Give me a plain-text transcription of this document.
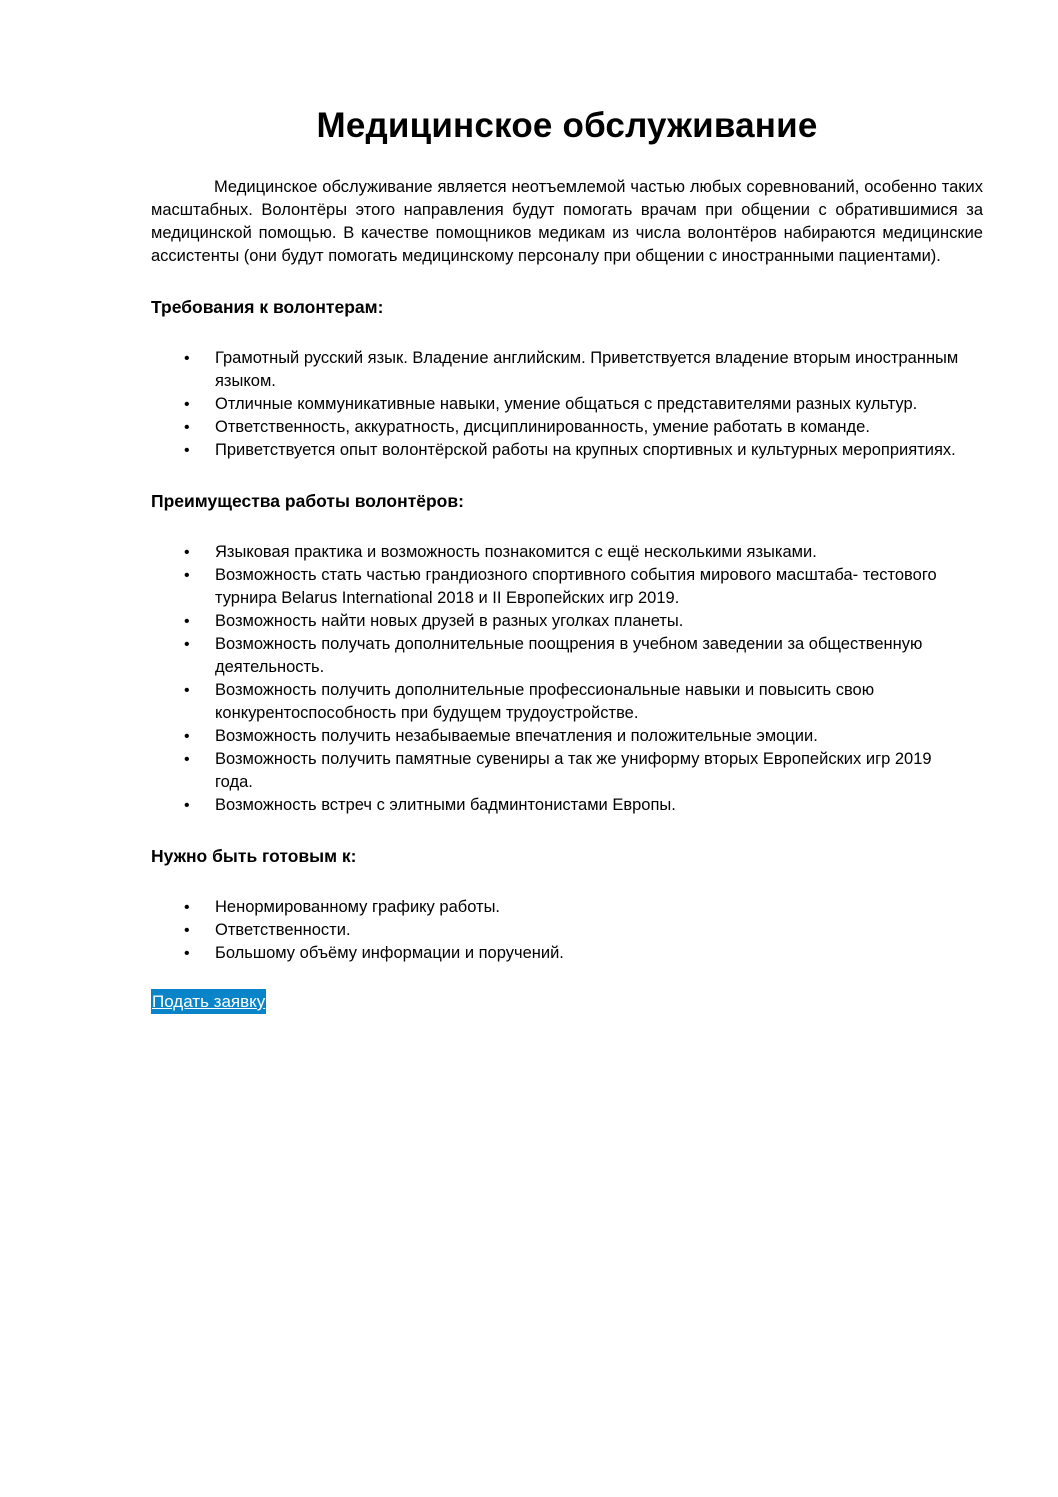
Медицинское обслуживание

Медицинское обслуживание является неотъемлемой частью любых соревнований, особенно таких масштабных. Волонтёры этого направления будут помогать врачам при общении с обратившимися за медицинской помощью. В качестве помощников медикам из числа волонтёров набираются медицинские ассистенты (они будут помогать медицинскому персоналу при общении с иностранными пациентами).

Требования к волонтерам:
• Грамотный русский язык. Владение английским. Приветствуется владение вторым иностранным языком.
• Отличные коммуникативные навыки, умение общаться с представителями разных культур.
• Ответственность, аккуратность, дисциплинированность, умение работать в команде.
• Приветствуется опыт волонтёрской работы на крупных спортивных и культурных мероприятиях.
Преимущества работы волонтёров:
• Языковая практика и возможность познакомится с ещё несколькими языками.
• Возможность стать частью грандиозного спортивного события мирового масштаба- тестового турнира Belarus International 2018 и II Европейских игр 2019.
• Возможность найти новых друзей в разных уголках планеты.
• Возможность получать дополнительные поощрения в учебном заведении за общественную деятельность.
• Возможность получить дополнительные профессиональные навыки и повысить свою конкурентоспособность при будущем трудоустройстве.
• Возможность получить незабываемые впечатления и положительные эмоции.
• Возможность получить памятные сувениры а так же униформу вторых Европейских игр 2019 года.
• Возможность встреч с элитными бадминтонистами Европы.
Нужно быть готовым к:
• Ненормированному графику работы.
• Ответственности.
• Большому объёму информации и поручений.
Подать заявку
